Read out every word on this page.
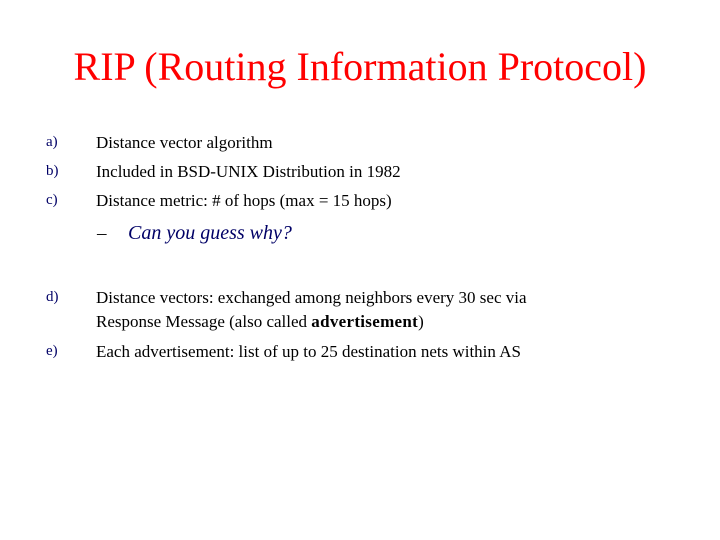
RIP (Routing Information Protocol)
a) Distance vector algorithm
b) Included in BSD-UNIX Distribution in 1982
c) Distance metric: # of hops (max = 15 hops)
– Can you guess why?
d) Distance vectors: exchanged among neighbors every 30 sec via
Response Message (also called advertisement)
e) Each advertisement: list of up to 25 destination nets within AS
